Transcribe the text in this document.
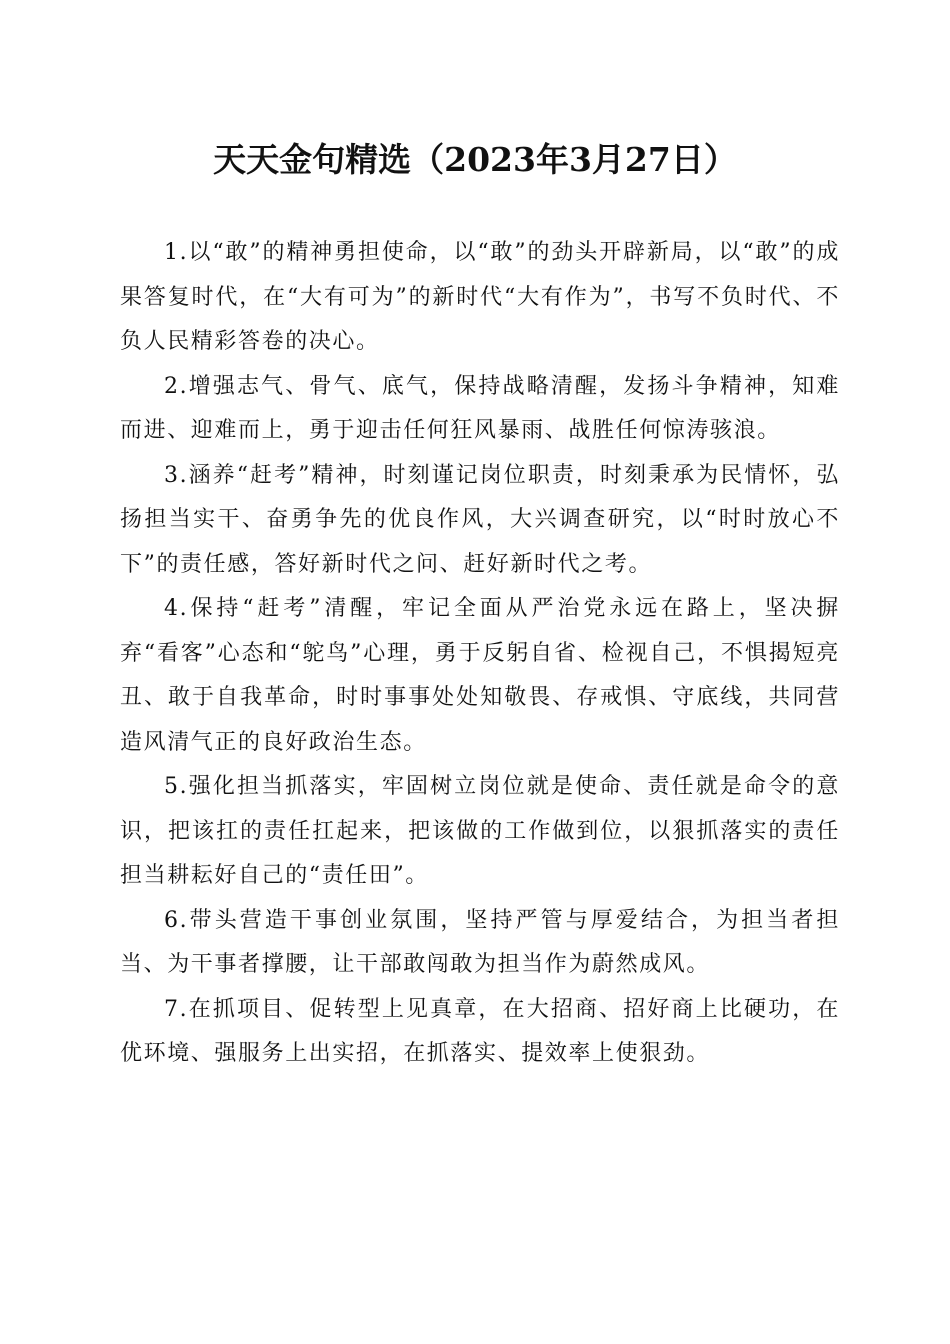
天天金句精选（2023年3月27日）

1.以“敢”的精神勇担使命，以“敢”的劲头开辟新局，以“敢”的成果答复时代，在“大有可为”的新时代“大有作为”，书写不负时代、不负人民精彩答卷的决心。

2.增强志气、骨气、底气，保持战略清醒，发扬斗争精神，知难而进、迎难而上，勇于迎击任何狂风暴雨、战胜任何惊涛骇浪。

3.涵养“赶考”精神，时刻谨记岗位职责，时刻秉承为民情怀，弘扬担当实干、奋勇争先的优良作风，大兴调查研究，以“时时放心不下”的责任感，答好新时代之问、赶好新时代之考。

4.保持“赶考”清醒，牢记全面从严治党永远在路上，坚决摒弃“看客”心态和“鸵鸟”心理，勇于反躬自省、检视自己，不惧揭短亮丑、敢于自我革命，时时事事处处知敬畏、存戒惧、守底线，共同营造风清气正的良好政治生态。

5.强化担当抓落实，牢固树立岗位就是使命、责任就是命令的意识，把该扛的责任扛起来，把该做的工作做到位，以狠抓落实的责任担当耕耘好自己的“责任田”。

6.带头营造干事创业氛围，坚持严管与厚爱结合，为担当者担当、为干事者撑腰，让干部敢闯敢为担当作为蔚然成风。

7.在抓项目、促转型上见真章，在大招商、招好商上比硬功，在优环境、强服务上出实招，在抓落实、提效率上使狠劲。
